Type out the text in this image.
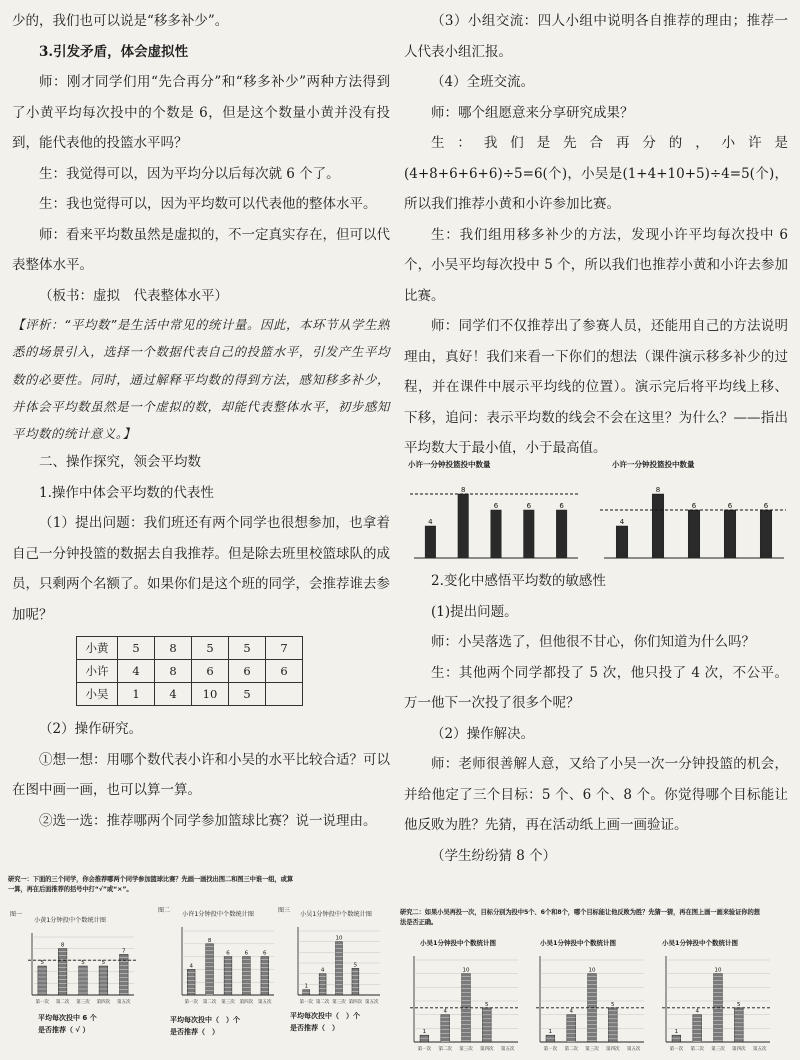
少的，我们也可以说是“移多补少”。

3.引发矛盾，体会虚拟性

师：刚才同学们用“先合再分”和“移多补少”两种方法得到了小黄平均每次投中的个数是 6，但是这个数量小黄并没有投到，能代表他的投篮水平吗？

生：我觉得可以，因为平均分以后每次就 6 个了。

生：我也觉得可以，因为平均数可以代表他的整体水平。

师：看来平均数虽然是虚拟的，不一定真实存在，但可以代表整体水平。

（板书：虚拟　代表整体水平）

【评析：“平均数”是生活中常见的统计量。因此，本环节从学生熟悉的场景引入，选择一个数据代表自己的投篮水平，引发产生平均数的必要性。同时，通过解释平均数的得到方法，感知移多补少，并体会平均数虽然是一个虚拟的数，却能代表整体水平，初步感知平均数的统计意义。】

二、操作探究，领会平均数

1.操作中体会平均数的代表性

（1）提出问题：我们班还有两个同学也很想参加，也拿着自己一分钟投篮的数据去自我推荐。但是除去班里校篮球队的成员，只剩两个名额了。如果你们是这个班的同学，会推荐谁去参加呢？

小黄	5	8	5	5	7
小许	4	8	6	6	6
小吴	1	4	10	5	

（2）操作研究。

①想一想：用哪个数代表小许和小吴的水平比较合适？可以在图中画一画，也可以算一算。

②选一选：推荐哪两个同学参加篮球比赛？说一说理由。

（3）小组交流：四人小组中说明各自推荐的理由；推荐一人代表小组汇报。

（4）全班交流。

师：哪个组愿意来分享研究成果？

生：我们是先合再分的，小许是(4+8+6+6+6)÷5=6(个)，小吴是(1+4+10+5)÷4=5(个)，所以我们推荐小黄和小许参加比赛。

生：我们组用移多补少的方法，发现小许平均每次投中 6 个，小吴平均每次投中 5 个，所以我们也推荐小黄和小许去参加比赛。

师：同学们不仅推荐出了参赛人员，还能用自己的方法说明理由，真好！我们来看一下你们的想法（课件演示移多补少的过程，并在课件中展示平均线的位置）。演示完后将平均线上移、下移，追问：表示平均数的线会不会在这里？为什么？——指出平均数大于最小值，小于最高值。

4
8
6	6	6
4
8
6	6	6
小许一分钟投篮投中数量	小许一分钟投篮投中数量

2.变化中感悟平均数的敏感性

(1)提出问题。

师：小吴落选了，但他很不甘心，你们知道为什么吗？

生：其他两个同学都投了 5 次，他只投了 4 次，不公平。万一他下一次投了很多个呢？

（2）操作解决。

师：老师很善解人意，又给了小吴一次一分钟投篮的机会，并给他定了三个目标：5 个、6 个、8 个。你觉得哪个目标能让他反败为胜？先猜，再在活动纸上画一画验证。

（学生纷纷猜 8 个）

研究一：下面的三个同学，你会推荐哪两个同学参加篮球比赛？先画一画找出图二和图三中谁一组，或算一算，再在后面推荐的括号中打“√”或“×”。
图一
图二	图三
小黄1分钟投中个数统计图
小许1分钟投中个数统计图	小吴1分钟投中个数统计图
5
第一次
8
第二次
5
第三次
5
第四次
7
第五次
4
第一次
8
第二次
6
第三次
6
第四次
6
第五次
1
第一次
4
第二次
10
第三次
5
第四次 第五次
平均每次投中 6 个
是否推荐（ √ ）
平均每次投中（　）个
是否推荐（　）
平均每次投中（　）个
是否推荐（　）
研究二：如果小吴再投一次，目标分别为投中5个、6个和8个，哪个目标能让他反败为胜？先猜一猜，再在图上画一画来验证你的想法是否正确。
小吴1分钟投中个数统计图	小吴1分钟投中个数统计图	小吴1分钟投中个数统计图
1
第一次
4
第二次
10
第三次
5
第四次 第五次
1
第一次
4
第二次
10
第三次
5
第四次 第五次
1
第一次
4
第二次
10
第三次
5
第四次 第五次
